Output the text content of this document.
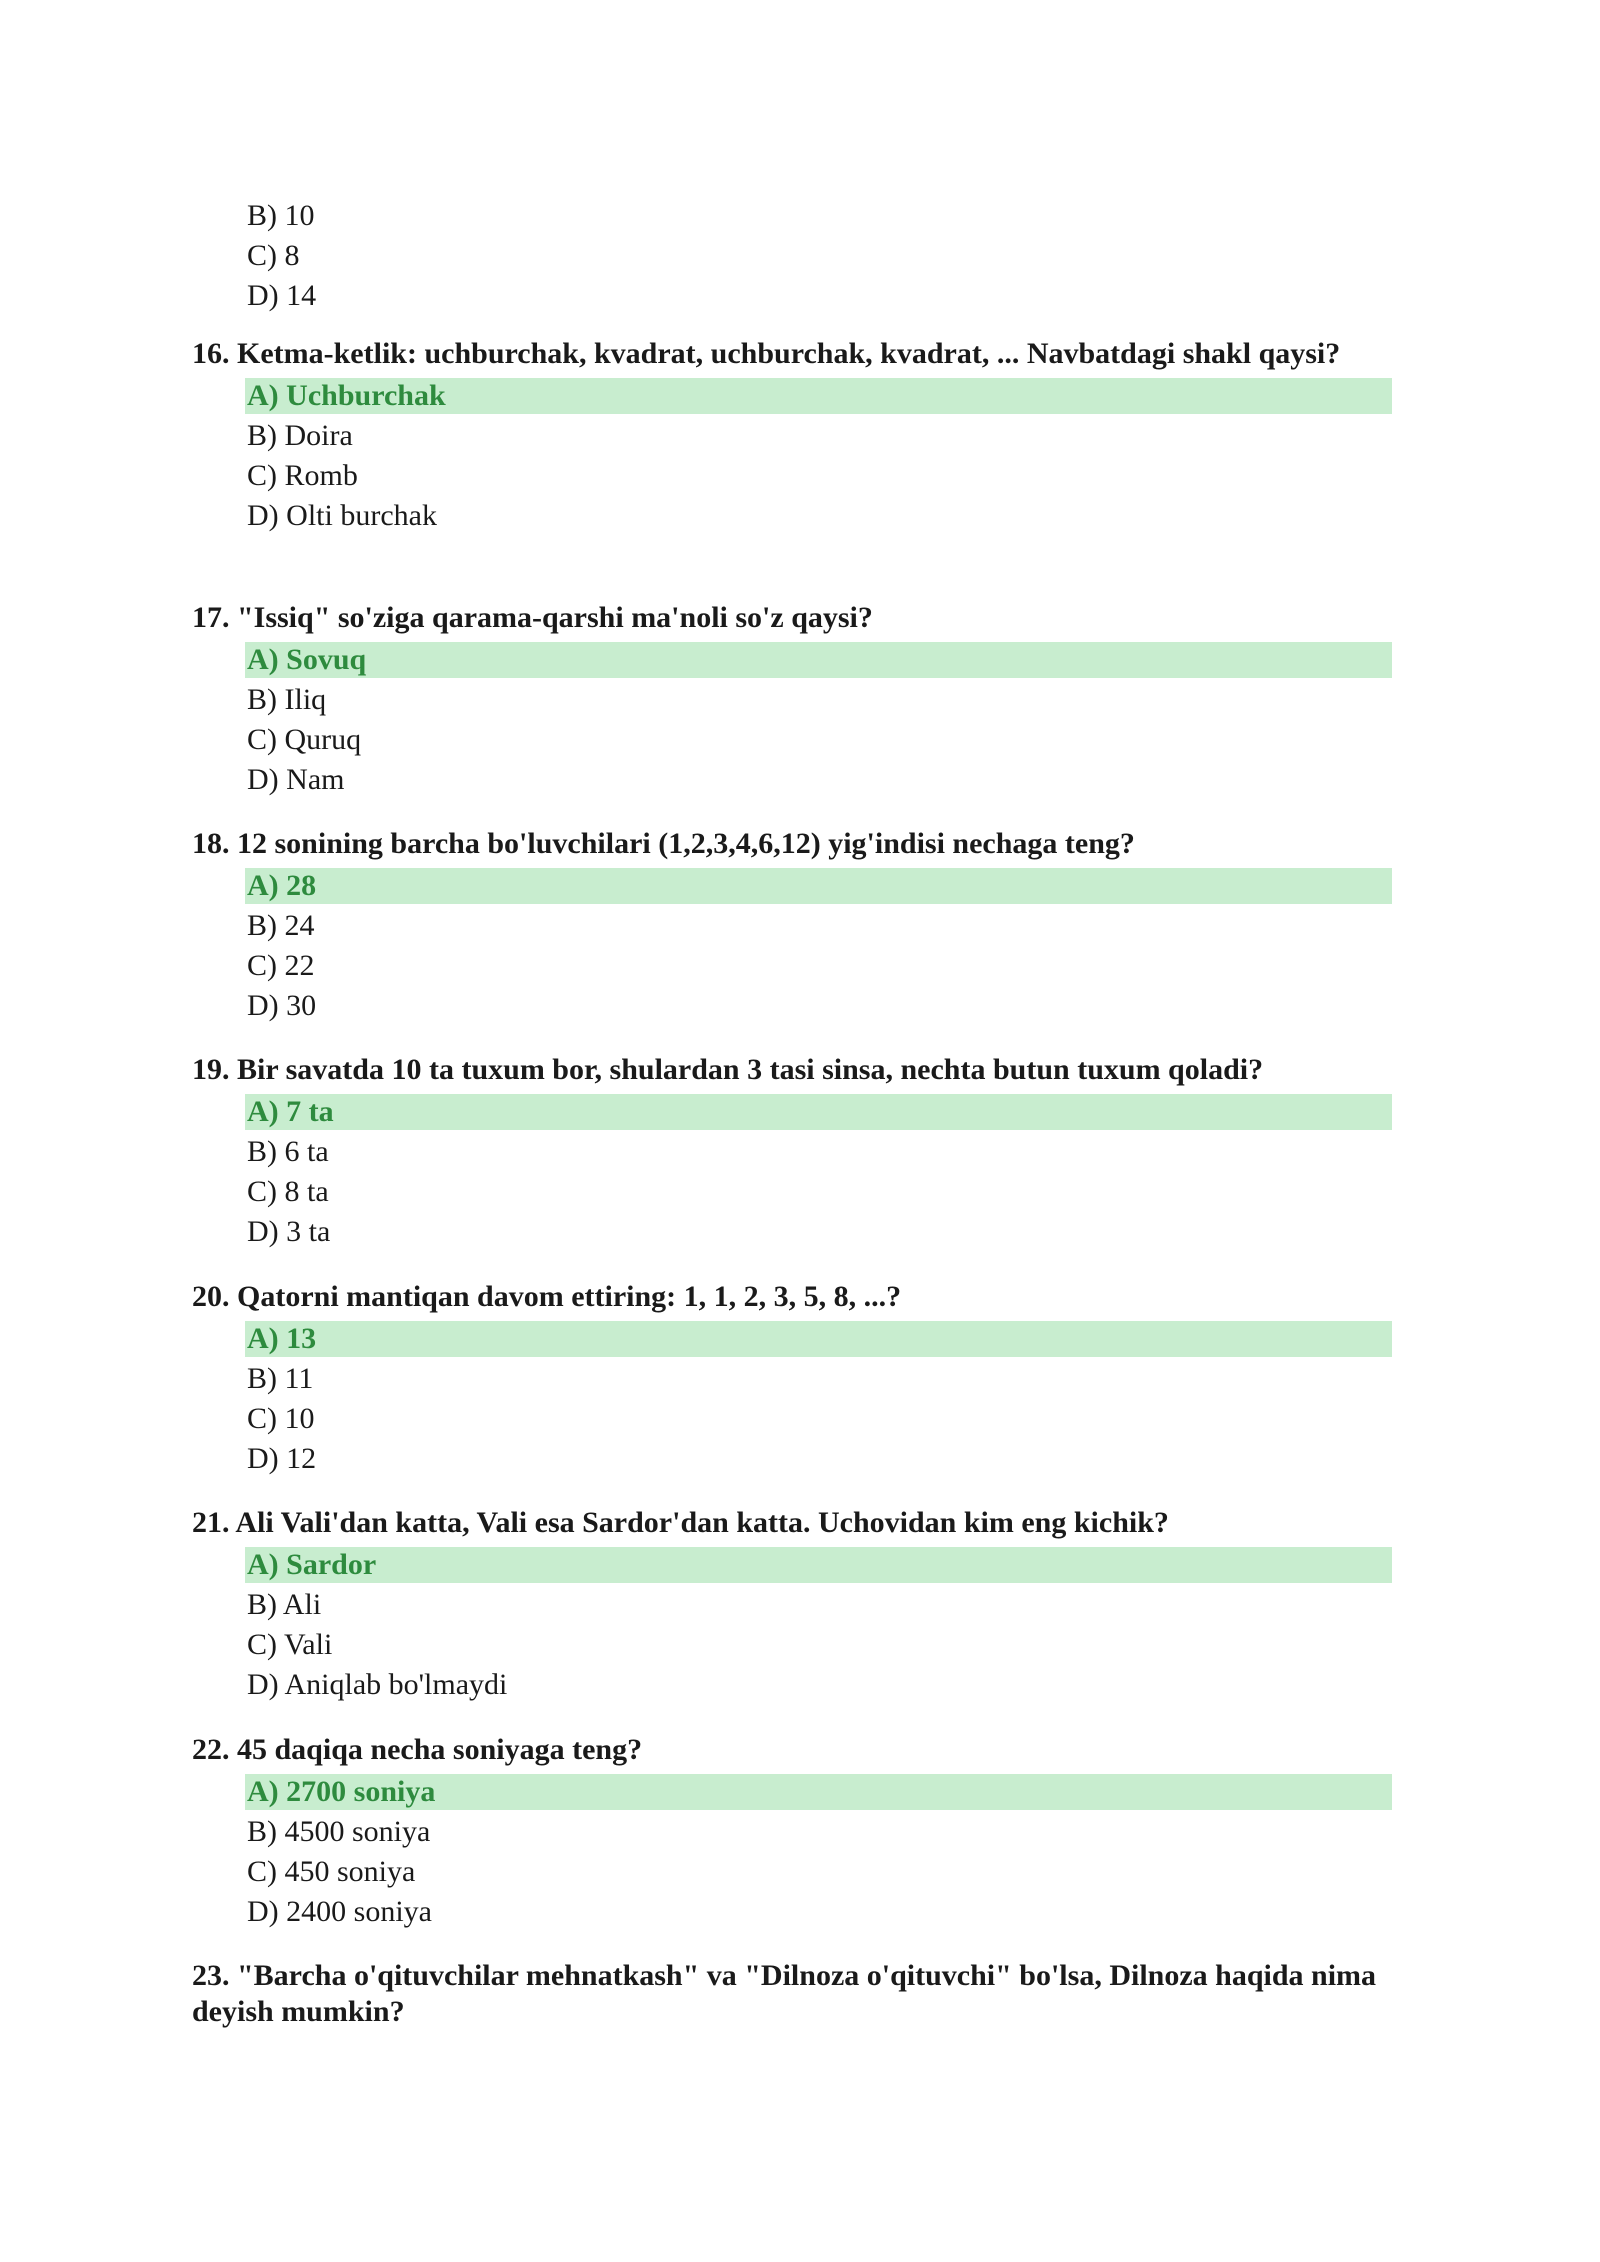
B) 10
C) 8
D) 14

16. Ketma-ketlik: uchburchak, kvadrat, uchburchak, kvadrat, ... Navbatdagi shakl qaysi?

A) Uchburchak
B) Doira
C) Romb
D) Olti burchak

17. "Issiq" so'ziga qarama-qarshi ma'noli so'z qaysi?

A) Sovuq
B) Iliq
C) Quruq
D) Nam

18. 12 sonining barcha bo'luvchilari (1,2,3,4,6,12) yig'indisi nechaga teng?

A) 28
B) 24
C) 22
D) 30

19. Bir savatda 10 ta tuxum bor, shulardan 3 tasi sinsa, nechta butun tuxum qoladi?

A) 7 ta
B) 6 ta
C) 8 ta
D) 3 ta

20. Qatorni mantiqan davom ettiring: 1, 1, 2, 3, 5, 8, ...?

A) 13
B) 11
C) 10
D) 12

21. Ali Vali'dan katta, Vali esa Sardor'dan katta. Uchovidan kim eng kichik?

A) Sardor
B) Ali
C) Vali
D) Aniqlab bo'lmaydi

22. 45 daqiqa necha soniyaga teng?

A) 2700 soniya
B) 4500 soniya
C) 450 soniya
D) 2400 soniya

23. "Barcha o'qituvchilar mehnatkash" va "Dilnoza o'qituvchi" bo'lsa, Dilnoza haqida nima deyish mumkin?
